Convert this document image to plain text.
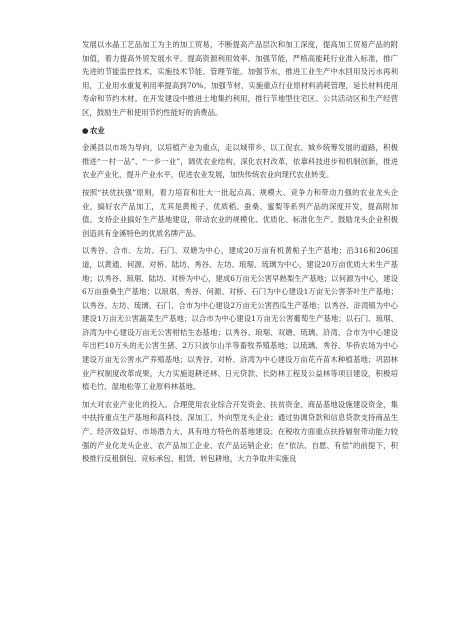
发展以水晶工艺品加工为主的加工贸易，不断提高产品层次和加工深度，提高加工贸易产品的附加值，着力提高外贸发展水平。提高资源利用效率。加强节能，严格高能耗行业准入标准，推广先进的节能监控技术，实施技术节能、管理节能。加强节水，推进工业生产中水回用及污水再利用，工业用水重复利用率提高到70%。加强节材，实施重点行业原材料消耗管理，延长材料使用寿命和节约木材。在开发建设中推进土地集约利用，推行节地型住宅区、公共活动区和生产经营区，鼓励生产和使用节约性能好的消费品。

● 农业

金溪县以市场为导向，以培植产业为重点，走以城带乡、以工促农、城乡统筹发展的道路，积极推进“一村一品”、“一乡一业”，调优农业结构，深化农村改革，依靠科技进步和机制创新，推进农业产业化，提升产业水平，促进农业发展，加快传统农业向现代农业转变。

按照“扶优扶强”原则，着力培育和壮大一批起点高、规模大、竞争力和带动力强的农业龙头企业，搞好农产品加工，尤其是黄栀子、优质稻、蚕桑、蜜梨等系列产品的深度开发，提高附加值。支持企业搞好生产基地建设，带动农业的规模化、优质化、标准化生产。鼓励龙头企业积极创造具有金溪特色的优质名牌产品。

以秀谷、合市、左坊、石门、双塘为中心，建成20万亩有机黄栀子生产基地；沿316和206国道，以黄通、何源、对桥、陆坊、秀谷、左坊、琅琚、琉璃为中心，建设20万亩优质大米生产基地；以秀谷、琅琚、陆坊、对桥为中心，建成6万亩无公害早熟梨生产基地；以何源为中心，建设6万亩蚕桑生产基地；以琅琚、秀谷、何源、对桥、石门为中心建设1万亩无公害茶叶生产基地；以秀谷、左坊、琉璃、石门、合市为中心建设2万亩无公害西瓜生产基地；以秀谷、浒湾镇为中心建设1万亩无公害蔬菜生产基地；以合市为中心建设1万亩无公害葡萄生产基地；以石门、琅琚、浒湾为中心建设万亩无公害柑桔生态基地；以秀谷、琅琚、双塘、琉璃、浒湾、合市为中心建设年出栏10万头的无公害生猪、2万只波尔山羊等畜牧养殖基地；以琉璃、秀谷、华侨农场为中心建设万亩无公害水产养殖基地；以秀谷、对桥、浒湾为中心建设万亩花卉苗木种植基地；巩固林业产权制度改革成果，大力实施退耕还林、日元贷款、长防林工程及公益林等项目建设，积极培植毛竹、湿地松等工业原料林基地。

加大对农业产业化的投入。合理使用农业综合开发资金、扶贫资金、商品基地设施建设资金，集中扶持重点生产基地和高科技、深加工、外向型龙头企业；通过协调贷款和信息贷款支持商品生产、经济效益好、市场潜力大、具有地方特色的基地建设；在税收方面重点扶持辐射带动能力较强的产业化龙头企业、农产品加工企业、农产品运销企业；在“依法、自愿、有偿”的前提下，积极推行反租倒包、竞标承包、租赁、转包耕地，大力争取并实施良
